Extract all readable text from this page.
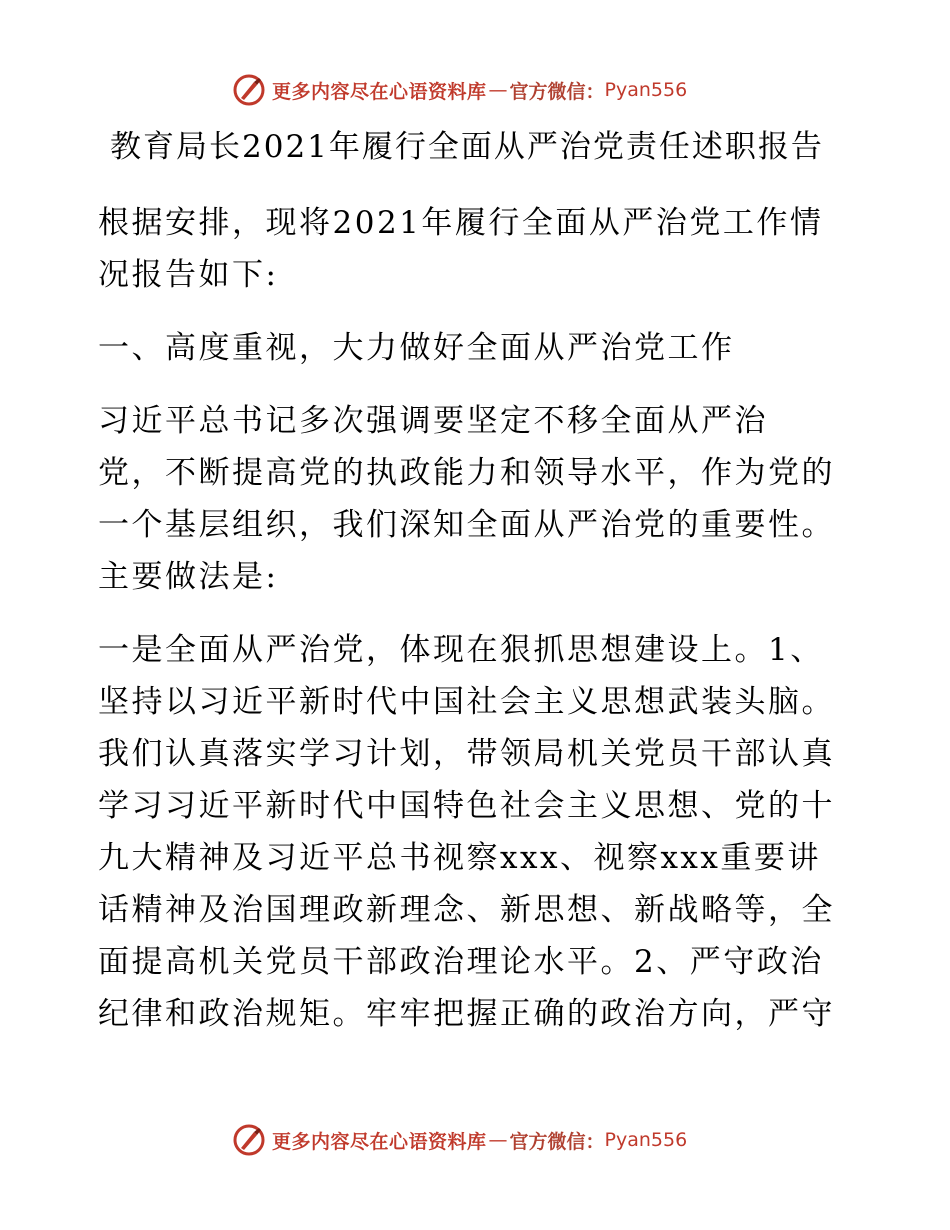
更多内容尽在心语资料库 — 官方微信： Pyan556
教育局长2021年履行全面从严治党责任述职报告

根据安排，现将2021年履行全面从严治党工作情
况报告如下:

一、高度重视，大力做好全面从严治党工作

习近平总书记多次强调要坚定不移全面从严治
党，不断提高党的执政能力和领导水平，作为党的
一个基层组织，我们深知全面从严治党的重要性。
主要做法是:

一是全面从严治党，体现在狠抓思想建设上。1、
坚持以习近平新时代中国社会主义思想武装头脑。
我们认真落实学习计划，带领局机关党员干部认真
学习习近平新时代中国特色社会主义思想、党的十
九大精神及习近平总书视察xxx、视察xxx重要讲
话精神及治国理政新理念、新思想、新战略等，全
面提高机关党员干部政治理论水平。2、严守政治
纪律和政治规矩。牢牢把握正确的政治方向，严守

更多内容尽在心语资料库 — 官方微信： Pyan556
